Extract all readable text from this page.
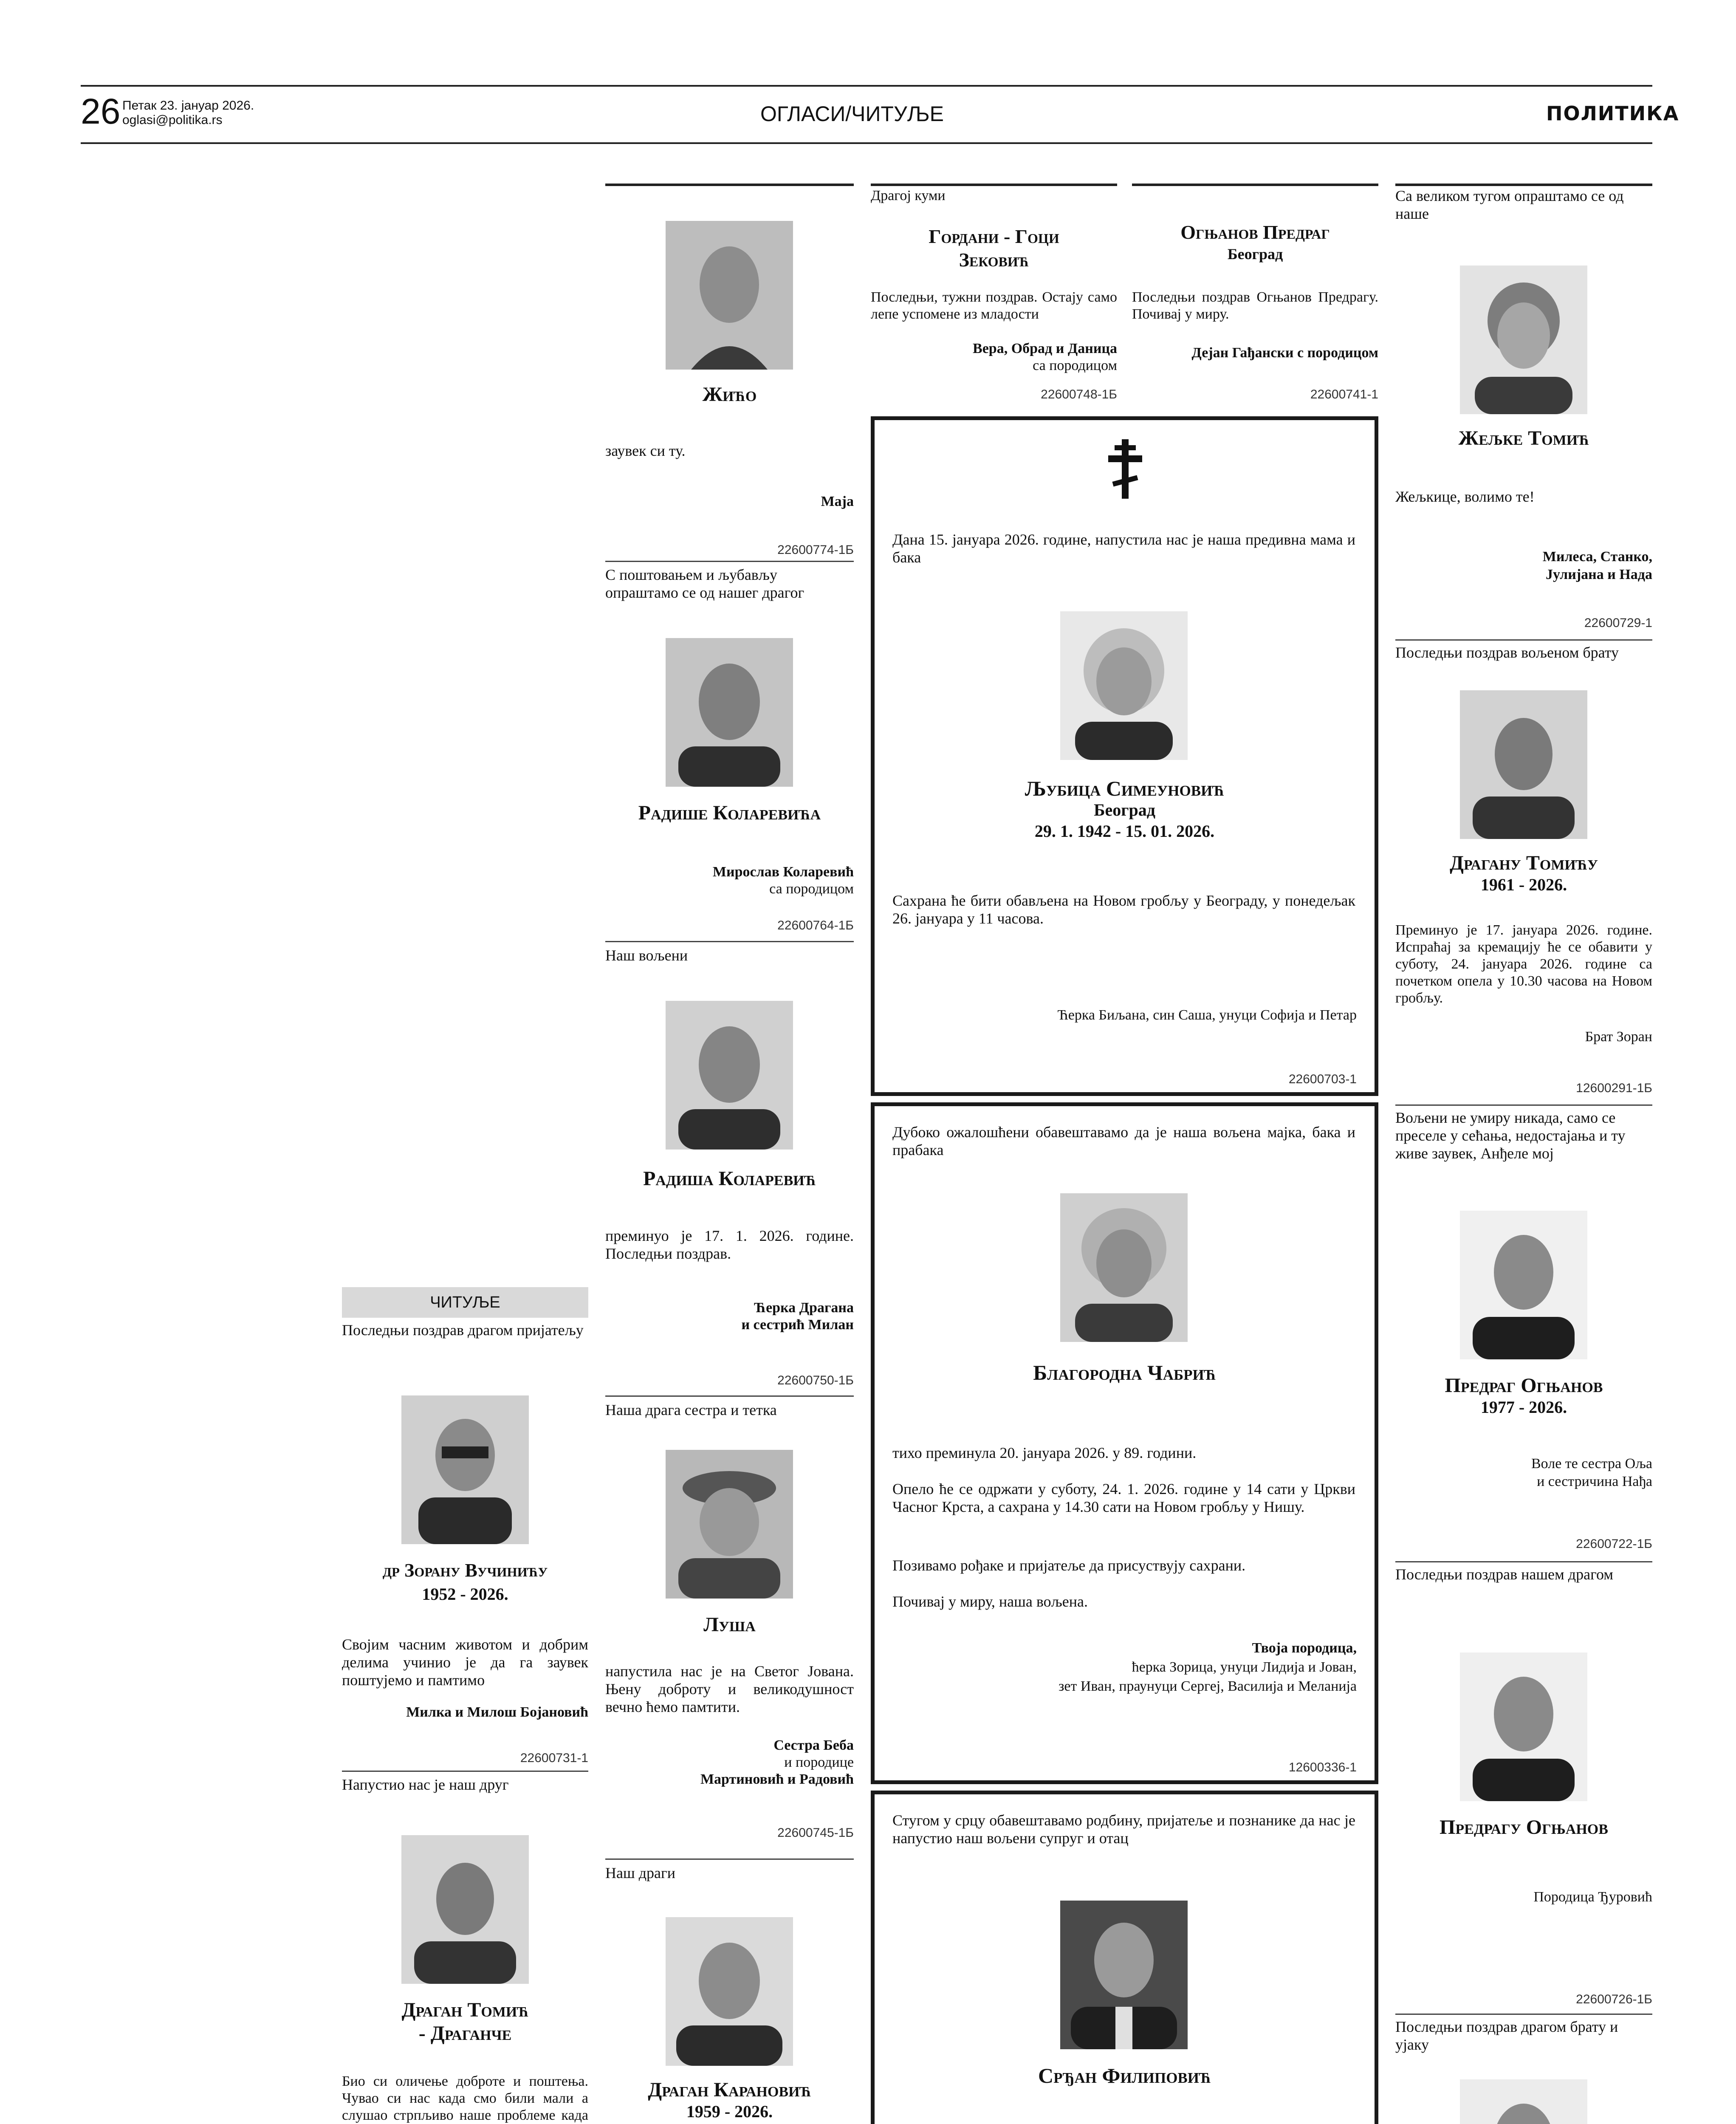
26 Петак 23. јануар 2026.
oglasi@politika.rs	ОГЛАСИ/ЧИТУЉЕ	ПОЛИТИКА
ЧИТУЉЕ
Последњи поздрав драгом пријатељу
др Зорану Вучинићу
1952 - 2026.
Својим часним животом и добрим делима учинио је да га заувек поштујемо и памтимо
Милка и Милош Бојановић
22600731-1
Напустио нас је наш друг
Драган Томић
- Драганче
Био си оличење доброте и поштења. Чувао си нас када смо били мали а слушао стрпљиво наше проблеме када
Жићо
заувек си ту.
Маја
22600774-1Б
С поштовањем и љубављу опраштамо се од нашег драгог
Радише Коларевића
Мирослав Коларевић
са породицом
22600764-1Б
Наш вољени
Радиша Коларевић
преминуо је 17. 1. 2026. године. Последњи поздрав.
Ћерка Драгана
и сестрић Милан
22600750-1Б
Наша драга сестра и тетка
Луша
напустила нас је на Светог Јована. Њену доброту и великодушност вечно ћемо памтити.
Сестра Беба
и породице
Мартиновић и Радовић
22600745-1Б
Наш драги
Драган Карановић
1959 - 2026.
Драгој куми
Гордани - Гоци
Зековић
Последњи, тужни поздрав. Остају само лепе успомене из младости
Вера, Обрад и Даница
са породицом
22600748-1Б
Огњанов Предраг
Београд
Последњи поздрав Огњанов Предрагу. Почивај у миру.
Дејан Гађански с породицом
22600741-1
Дана 15. јануара 2026. године, напустила нас је наша предивна мама и бака
Љубица Симеуновић
Београд
29. 1. 1942 - 15. 01. 2026.
Сахрана ће бити обављена на Новом гробљу у Београду, у понедељак 26. јануара у 11 часова.
Ћерка Биљана, син Саша, унуци Софија и Петар
22600703-1
Дубоко ожалошћени обавештавамо да је наша вољена мајка, бака и прабака
Благородна Чабрић
тихо преминула 20. јануара 2026. у 89. години.
Опело ће се одржати у суботу, 24. 1. 2026. године у 14 сати у Цркви Часног Крста, а сахрана у 14.30 сати на Новом гробљу у Нишу.
Позивамо рођаке и пријатеље да присуствују сахрани.
Почивај у миру, наша вољена.
Твоја породица,
ћерка Зорица, унуци Лидија и Јован,
зет Иван, праунуци Сергеј, Василија и Меланија
12600336-1
Стугом у срцу обавештавамо родбину, пријатеље и познанике да нас је напустио наш вољени супруг и отац
Срђан Филиповић
Са великом тугом опраштамо се од наше
Жељке Томић
Жељкице, волимо те!
Милеса, Станко,
Јулијана и Нада
22600729-1
Последњи поздрав вољеном брату
Драгану Томићу
1961 - 2026.
Преминуо је 17. јануара 2026. године. Испраћај за кремацију ће се обавити у суботу, 24. јануара 2026. године са почетком опела у 10.30 часова на Новом гробљу.
Брат Зоран
12600291-1Б
Вољени не умиру никада, само се преселе у сећања, недостајања и ту живе заувек, Анђеле мој
Предраг Огњанов
1977 - 2026.
Воле те сестра Оља
и сестричина Нађа
22600722-1Б
Последњи поздрав нашем драгом
Предрагу Огњанов
Породица Ђуровић
22600726-1Б
Последњи поздрав драгом брату и ујаку
